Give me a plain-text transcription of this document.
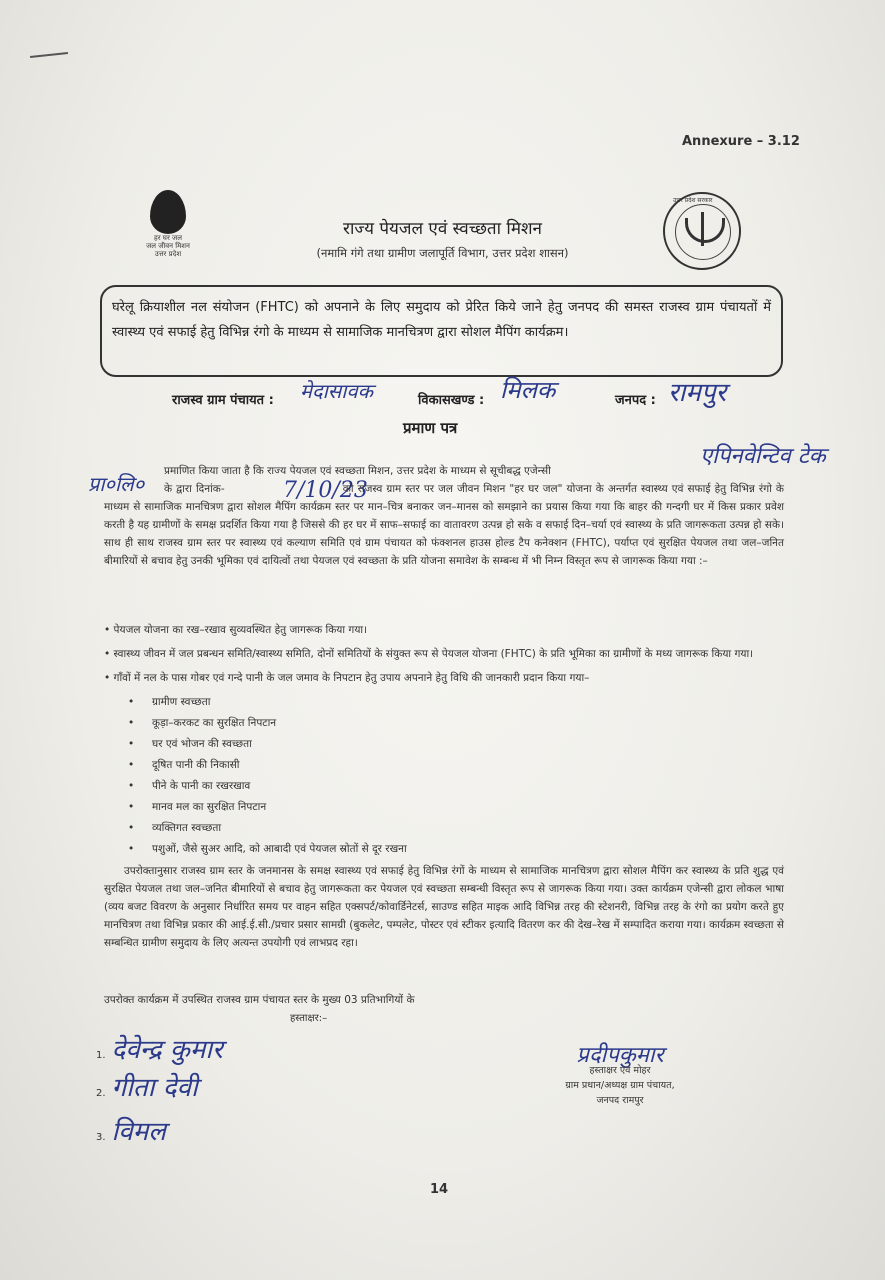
Annexure – 3.12
हर घर जल
जल जीवन मिशन
उत्तर प्रदेश
उत्तर प्रदेश सरकार
राज्य पेयजल एवं स्वच्छता मिशन
(नमामि गंगे तथा ग्रामीण जलापूर्ति विभाग, उत्तर प्रदेश शासन)
घरेलू क्रियाशील नल संयोजन (FHTC) को अपनाने के लिए समुदाय को प्रेरित किये जाने हेतु जनपद की समस्त राजस्व ग्राम पंचायतों में स्वास्थ्य एवं सफाई हेतु विभिन्न रंगो के माध्यम से सामाजिक मानचित्रण द्वारा सोशल मैपिंग कार्यक्रम।
राजस्व ग्राम पंचायत : मेदासावक	विकासखण्ड : मिलक	जनपद : रामपुर
प्रमाण पत्र
एपिनवेन्टिव टेक
प्रा०लि०	7/10/23
प्रमाणित किया जाता है कि राज्य पेयजल एवं स्वच्छता मिशन, उत्तर प्रदेश के माध्यम से सूचीबद्ध एजेन्सी
के द्वारा दिनांक-	को राजस्व ग्राम स्तर पर जल जीवन मिशन "हर घर जल" योजना के अन्तर्गत स्वास्थ्य एवं सफाई हेतु विभिन्न रंगो के माध्यम से सामाजिक मानचित्रण द्वारा सोशल मैपिंग कार्यक्रम स्तर पर मान–चित्र बनाकर जन–मानस को समझाने का प्रयास किया गया कि बाहर की गन्दगी घर में किस प्रकार प्रवेश करती है यह ग्रामीणों के समक्ष प्रदर्शित किया गया है जिससे की हर घर में साफ–सफाई का वातावरण उत्पन्न हो सके व सफाई दिन–चर्या एवं स्वास्थ्य के प्रति जागरूकता उत्पन्न हो सके। साथ ही साथ राजस्व ग्राम स्तर पर स्वास्थ्य एवं कल्याण समिति एवं ग्राम पंचायत को फंक्शनल हाउस होल्ड टैप कनेक्शन (FHTC), पर्याप्त एवं सुरक्षित पेयजल तथा जल–जनित बीमारियों से बचाव हेतु उनकी भूमिका एवं दायित्वों तथा पेयजल एवं स्वच्छता के प्रति योजना समावेश के सम्बन्ध में भी निम्न विस्तृत रूप से जागरूक किया गया :–
• पेयजल योजना का रख–रखाव सुव्यवस्थित हेतु जागरूक किया गया।
• स्वास्थ्य जीवन में जल प्रबन्धन समिति/स्वास्थ्य समिति, दोनों समितियों के संयुक्त रूप से पेयजल योजना (FHTC) के प्रति भूमिका का ग्रामीणों के मध्य जागरूक किया गया।
• गाँवों में नल के पास गोबर एवं गन्दे पानी के जल जमाव के निपटान हेतु उपाय अपनाने हेतु विधि की जानकारी प्रदान किया गया–
• ग्रामीण स्वच्छता
• कूड़ा–करकट का सुरक्षित निपटान
• घर एवं भोजन की स्वच्छता
• दूषित पानी की निकासी
• पीने के पानी का रखरखाव
• मानव मल का सुरक्षित निपटान
• व्यक्तिगत स्वच्छता
• पशुओं, जैसे सुअर आदि, को आबादी एवं पेयजल स्रोतों से दूर रखना
उपरोक्तानुसार राजस्व ग्राम स्तर के जनमानस के समक्ष स्वास्थ्य एवं सफाई हेतु विभिन्न रंगों के माध्यम से सामाजिक मानचित्रण द्वारा सोशल मैपिंग कर स्वास्थ्य के प्रति शुद्ध एवं सुरक्षित पेयजल तथा जल–जनित बीमारियों से बचाव हेतु जागरूकता कर पेयजल एवं स्वच्छता सम्बन्धी विस्तृत रूप से जागरूक किया गया। उक्त कार्यक्रम एजेन्सी द्वारा लोकल भाषा (व्यय बजट विवरण के अनुसार निर्धारित समय पर वाहन सहित एक्सपर्ट/कोवार्डिनेटर्स, साउण्ड सहित माइक आदि विभिन्न तरह की स्टेशनरी, विभिन्न तरह के रंगो का प्रयोग करते हुए मानचित्रण तथा विभिन्न प्रकार की आई.ई.सी./प्रचार प्रसार सामग्री (बुकलेट, पम्पलेट, पोस्टर एवं स्टीकर इत्यादि वितरण कर की देख–रेख में सम्पादित कराया गया। कार्यक्रम स्वच्छता से सम्बन्धित ग्रामीण समुदाय के लिए अत्यन्त उपयोगी एवं लाभप्रद रहा।
उपरोक्त कार्यक्रम में उपस्थित राजस्व ग्राम पंचायत स्तर के मुख्य 03 प्रतिभागियों के
हस्ताक्षर:–
1. देवेन्द्र कुमार
2. गीता देवी
3. विमल
प्रदीपकुमार
हस्ताक्षर एवं मोहर
ग्राम प्रधान/अध्यक्ष ग्राम पंचायत,
जनपद रामपुर
14
